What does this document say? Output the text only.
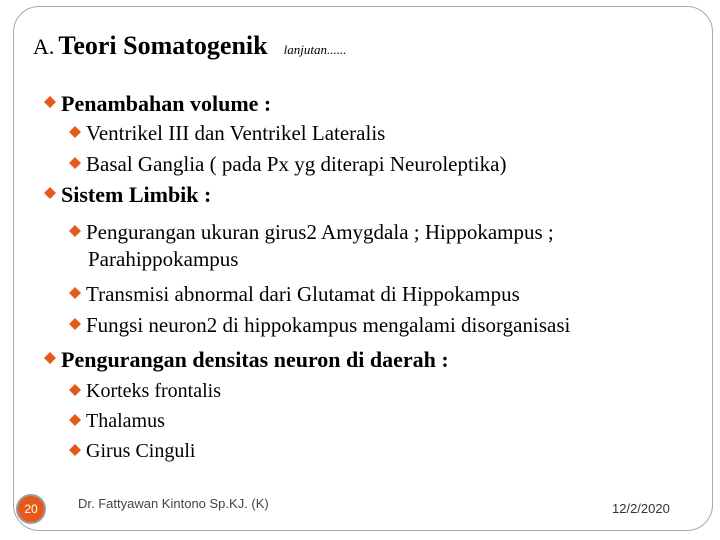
A. Teori Somatogenik lanjutan......
Penambahan volume :
Ventrikel III dan Ventrikel Lateralis
Basal Ganglia ( pada Px yg diterapi Neuroleptika)
Sistem Limbik :
Pengurangan ukuran girus2 Amygdala ; Hippokampus ;
Parahippokampus
Transmisi abnormal dari Glutamat di Hippokampus
Fungsi neuron2 di hippokampus mengalami disorganisasi
Pengurangan densitas neuron di daerah :
Korteks frontalis
Thalamus
Girus Cinguli
20	Dr. Fattyawan Kintono Sp.KJ. (K)	12/2/2020
